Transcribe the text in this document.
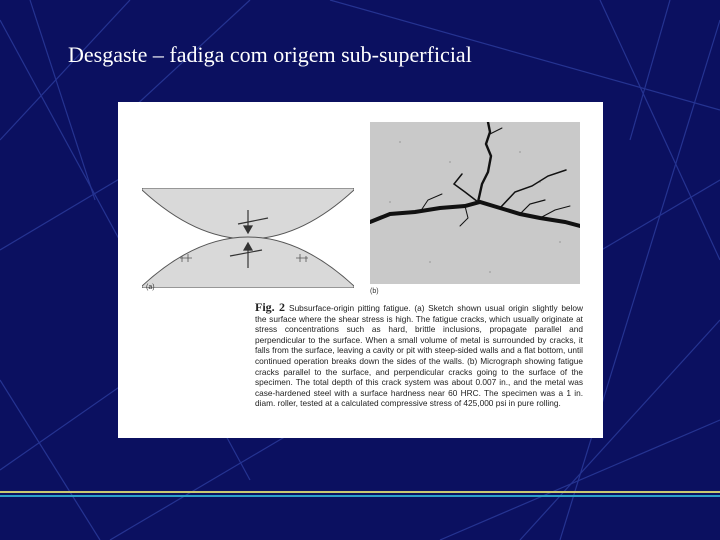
Desgaste – fadiga com origem sub-superficial
(a)
(b)
Fig. 2 Subsurface-origin pitting fatigue. (a) Sketch shown usual origin slightly below the surface where the shear stress is high. The fatigue cracks, which usually originate at stress concentrations such as hard, brittle inclusions, propagate parallel and perpendicular to the surface. When a small volume of metal is surrounded by cracks, it falls from the surface, leaving a cavity or pit with steep-sided walls and a flat bottom, until continued operation breaks down the sides of the walls. (b) Micrograph showing fatigue cracks parallel to the surface, and perpendicular cracks going to the surface of the specimen. The total depth of this crack system was about 0.007 in., and the metal was case-hardened steel with a surface hardness near 60 HRC. The specimen was a 1 in. diam. roller, tested at a calculated compressive stress of 425,000 psi in pure rolling.
